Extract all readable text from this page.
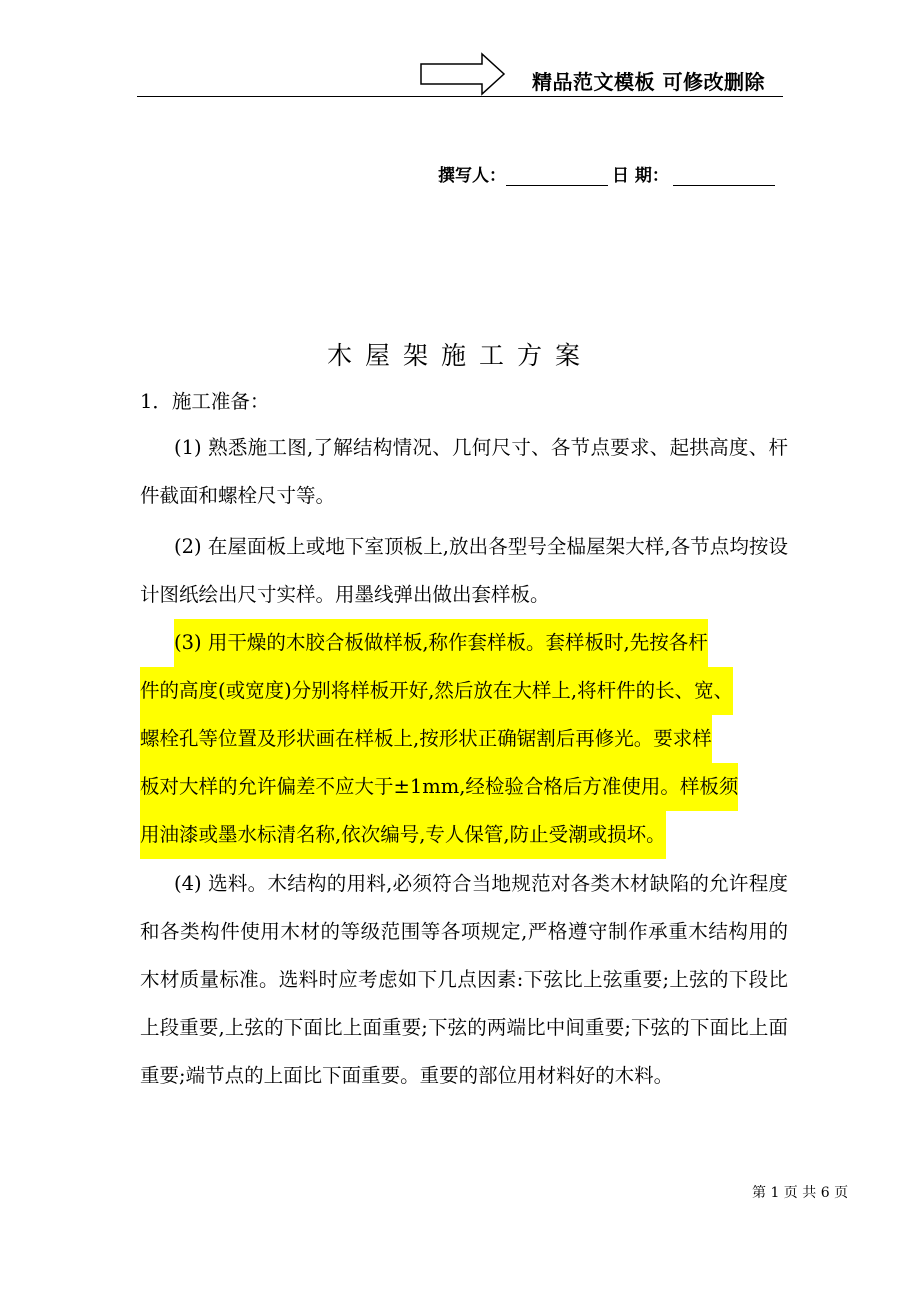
精品范文模板 可修改删除
撰写人：	日 期：
木屋架施工方案
1．施工准备：

(1) 熟悉施工图,了解结构情况、几何尺寸、各节点要求、起拱高度、杆件截面和螺栓尺寸等。

(2) 在屋面板上或地下室顶板上,放出各型号全榀屋架大样,各节点均按设计图纸绘出尺寸实样。用墨线弹出做出套样板。

(3) 用干燥的木胶合板做样板,称作套样板。套样板时,先按各杆
件的高度(或宽度)分别将样板开好,然后放在大样上,将杆件的长、宽、
螺栓孔等位置及形状画在样板上,按形状正确锯割后再修光。要求样
板对大样的允许偏差不应大于±1mm,经检验合格后方准使用。样板须
用油漆或墨水标清名称,依次编号,专人保管,防止受潮或损坏。

(4) 选料。木结构的用料,必须符合当地规范对各类木材缺陷的允许程度和各类构件使用木材的等级范围等各项规定,严格遵守制作承重木结构用的木材质量标准。选料时应考虑如下几点因素:下弦比上弦重要;上弦的下段比上段重要,上弦的下面比上面重要;下弦的两端比中间重要;下弦的下面比上面重要;端节点的上面比下面重要。重要的部位用材料好的木料。

第 1 页 共 6 页
